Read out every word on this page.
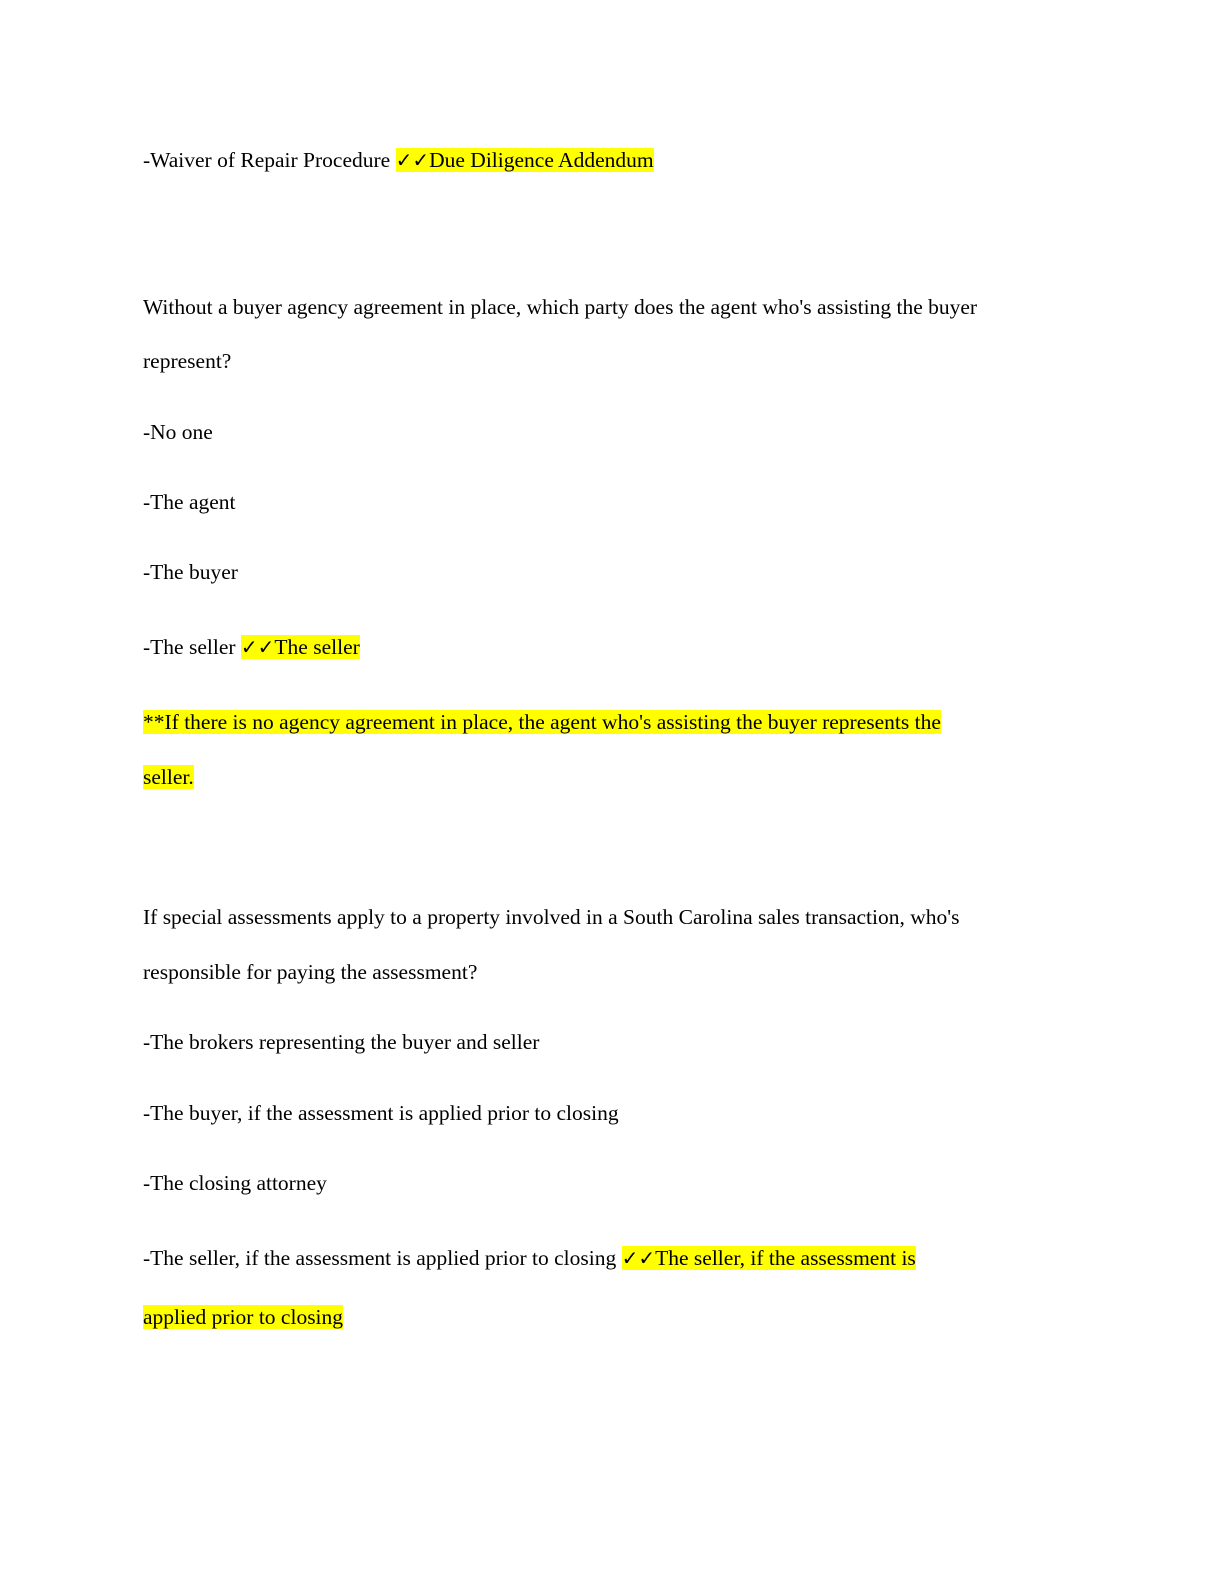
-Waiver of Repair Procedure ✓✓Due Diligence Addendum
Without a buyer agency agreement in place, which party does the agent who's assisting the buyer
represent?
-No one
-The agent
-The buyer
-The seller ✓✓The seller
**If there is no agency agreement in place, the agent who's assisting the buyer represents the
seller.
If special assessments apply to a property involved in a South Carolina sales transaction, who's
responsible for paying the assessment?
-The brokers representing the buyer and seller
-The buyer, if the assessment is applied prior to closing
-The closing attorney
-The seller, if the assessment is applied prior to closing ✓✓The seller, if the assessment is
applied prior to closing
